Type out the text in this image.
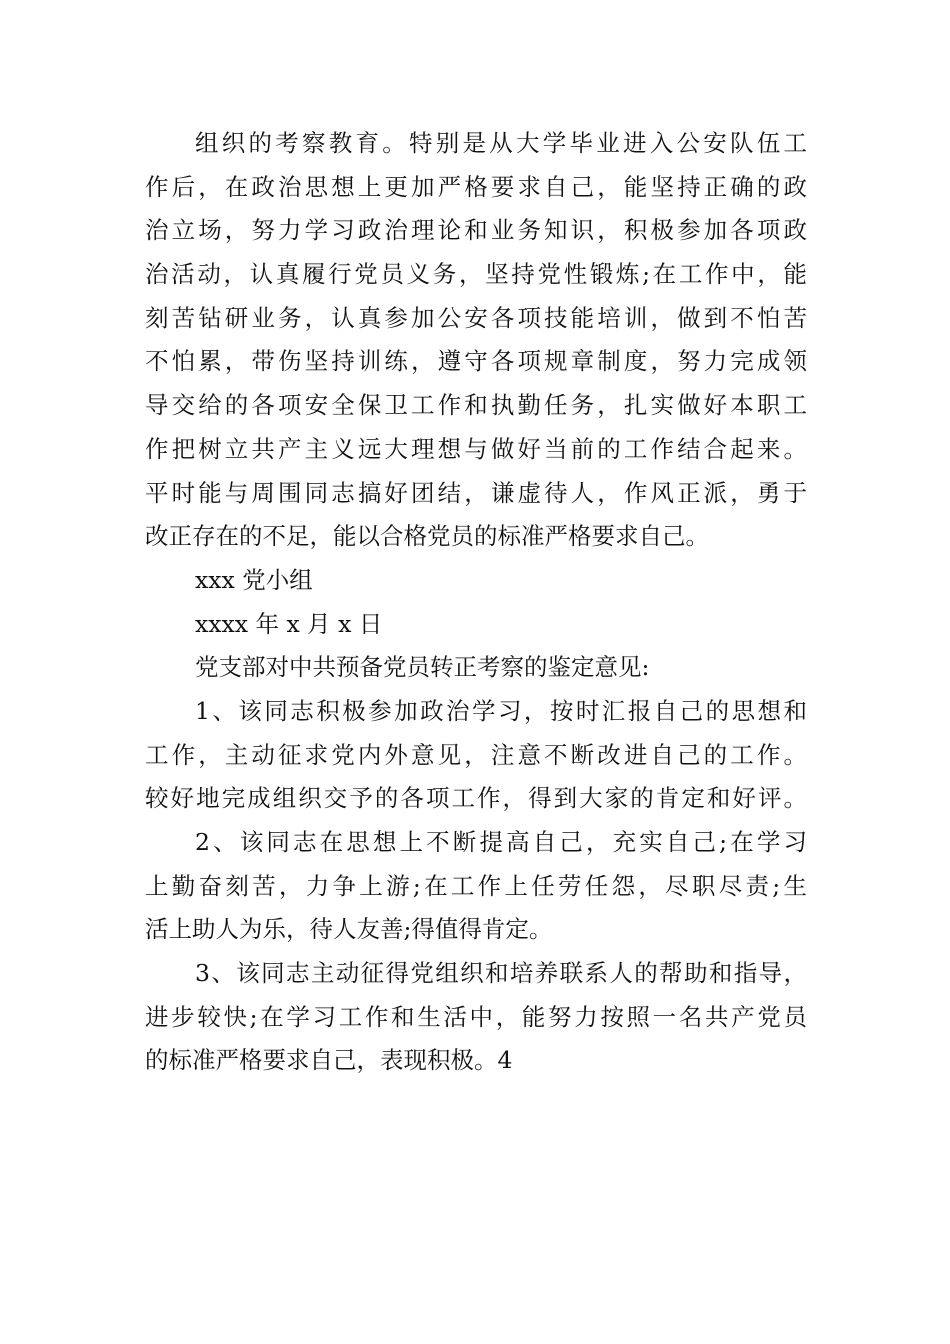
组织的考察教育。特别是从大学毕业进入公安队伍工
作后，在政治思想上更加严格要求自己，能坚持正确的政
治立场，努力学习政治理论和业务知识，积极参加各项政
治活动，认真履行党员义务，坚持党性锻炼;在工作中，能
刻苦钻研业务，认真参加公安各项技能培训，做到不怕苦
不怕累，带伤坚持训练，遵守各项规章制度，努力完成领
导交给的各项安全保卫工作和执勤任务，扎实做好本职工
作把树立共产主义远大理想与做好当前的工作结合起来。
平时能与周围同志搞好团结，谦虚待人，作风正派，勇于
改正存在的不足，能以合格党员的标准严格要求自己。
xxx 党小组
xxxx 年 x 月 x 日
党支部对中共预备党员转正考察的鉴定意见:
1、该同志积极参加政治学习，按时汇报自己的思想和
工作，主动征求党内外意见，注意不断改进自己的工作。
较好地完成组织交予的各项工作，得到大家的肯定和好评。
2、该同志在思想上不断提高自己，充实自己;在学习
上勤奋刻苦，力争上游;在工作上任劳任怨，尽职尽责;生
活上助人为乐，待人友善;得值得肯定。
3、该同志主动征得党组织和培养联系人的帮助和指导，
进步较快;在学习工作和生活中，能努力按照一名共产党员
的标准严格要求自己，表现积极。4
